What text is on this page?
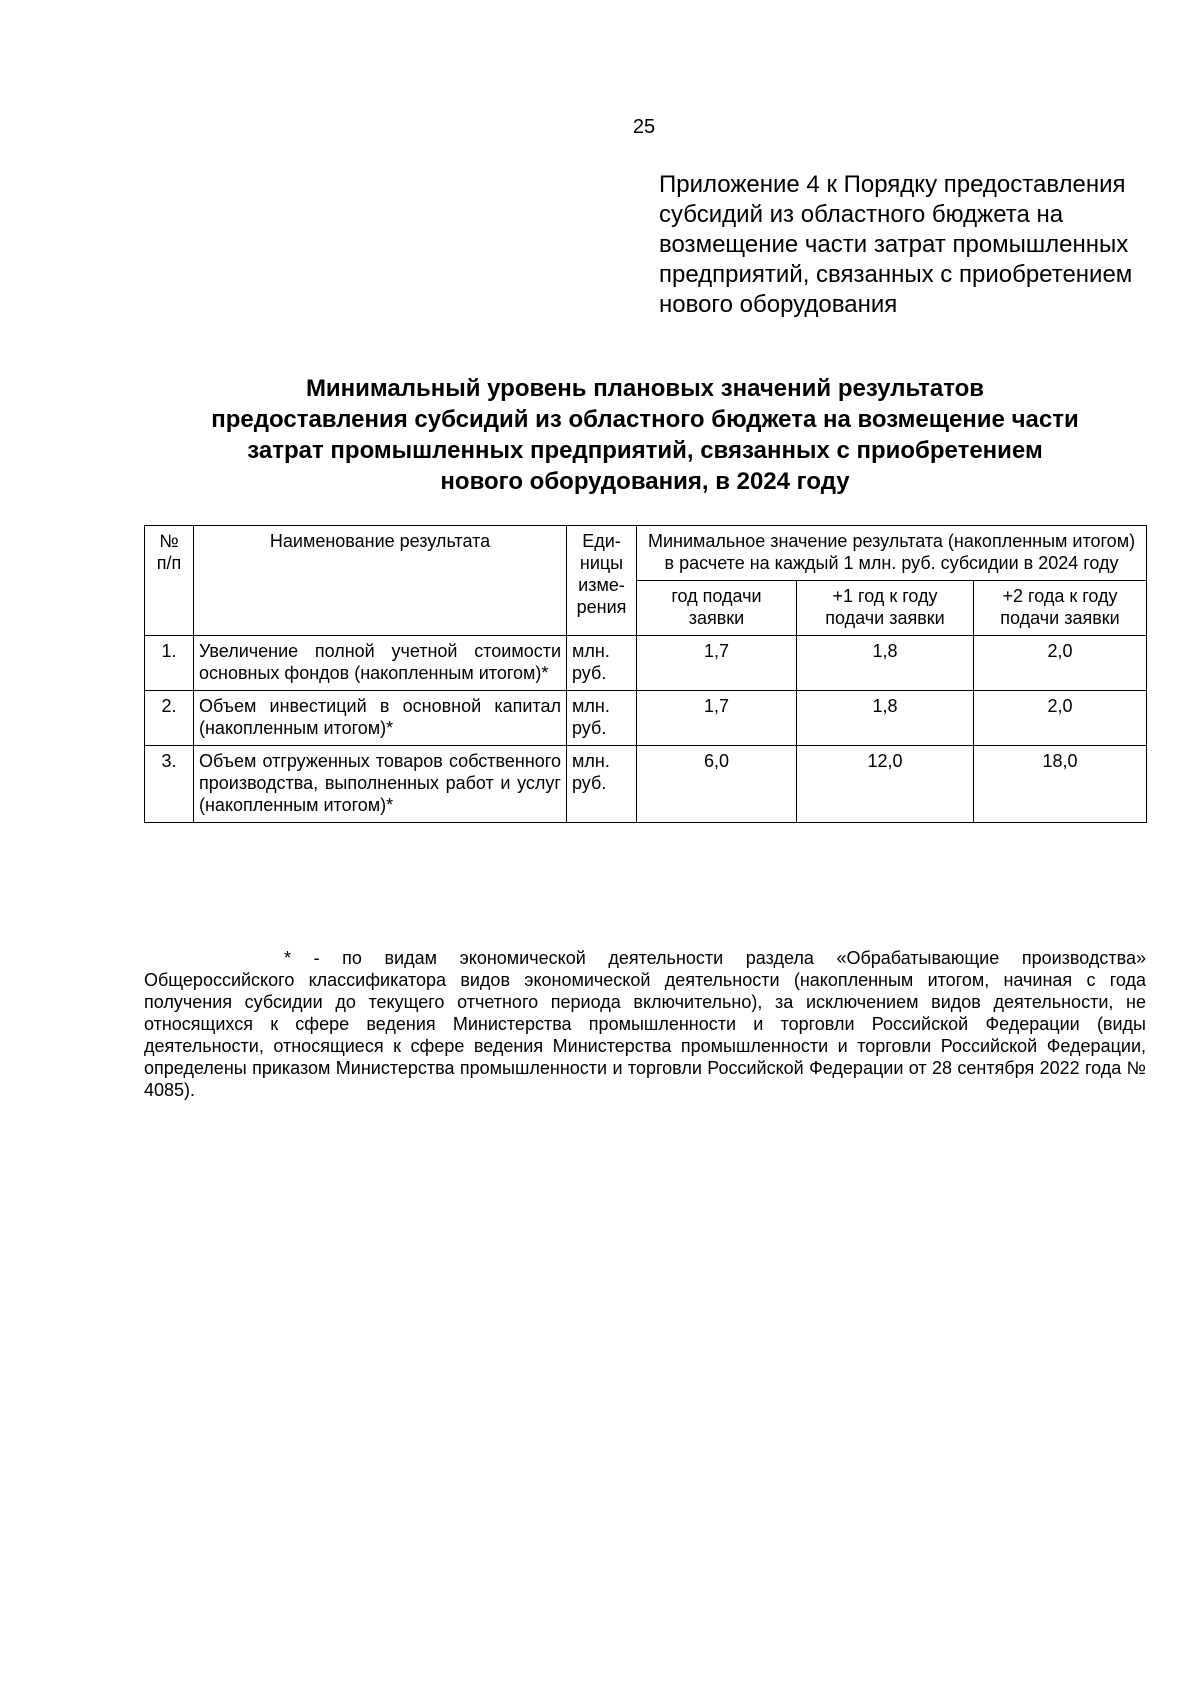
25
Приложение 4 к Порядку предоставления субсидий из областного бюджета на возмещение части затрат промышленных предприятий, связанных с приобретением нового оборудования
Минимальный уровень плановых значений результатов
предоставления субсидий из областного бюджета на возмещение части
затрат промышленных предприятий, связанных с приобретением
нового оборудования, в 2024 году
№ п/п	Наименование результата	Еди-ницы изме-рения	Минимальное значение результата (накопленным итогом) в расчете на каждый 1 млн. руб. субсидии в 2024 году		
			год подачи заявки	+1 год к году подачи заявки	+2 года к году подачи заявки
1.	Увеличение полной учетной стоимости основных фондов (накопленным итогом)*	млн. руб.	1,7	1,8	2,0
2.	Объем инвестиций в основной капитал (накопленным итогом)*	млн. руб.	1,7	1,8	2,0
3.	Объем отгруженных товаров собственного производства, выполненных работ и услуг (накопленным итогом)*	млн. руб.	6,0	12,0	18,0
* - по видам экономической деятельности раздела «Обрабатывающие производства» Общероссийского классификатора видов экономической деятельности (накопленным итогом, начиная с года получения субсидии до текущего отчетного периода включительно), за исключением видов деятельности, не относящихся к сфере ведения Министерства промышленности и торговли Российской Федерации (виды деятельности, относящиеся к сфере ведения Министерства промышленности и торговли Российской Федерации, определены приказом Министерства промышленности и торговли Российской Федерации от 28 сентября 2022 года № 4085).
